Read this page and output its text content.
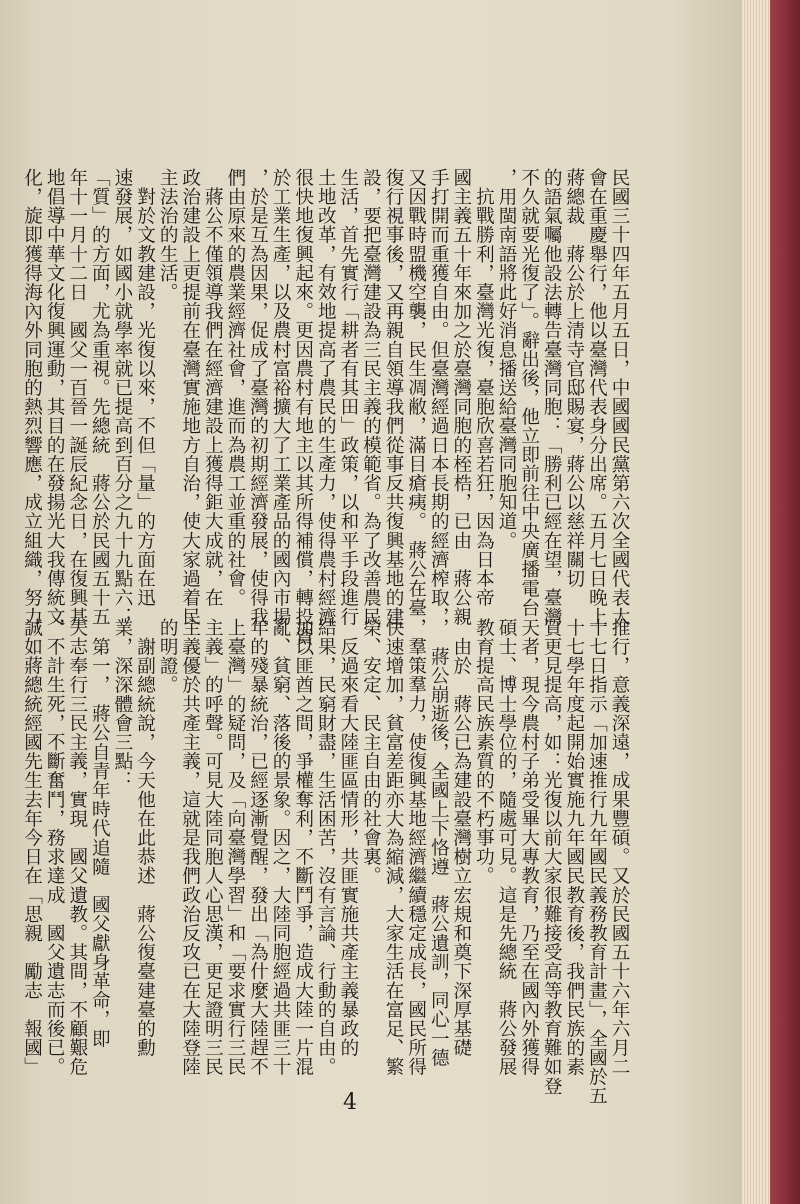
民國三十四年五月五日，中國國民黨第六次全國代表大
會在重慶舉行，他以臺灣代表身分出席。五月七日晚上
蔣總裁　蔣公於上清寺官邸賜宴，蔣公以慈祥關切
的語氣囑他設法轉告臺灣同胞：「勝利已經在望，臺灣
不久就要光復了」。辭出後，他立即前往中央廣播電台
，用閩南語將此好消息播送給臺灣同胞知道。
　抗戰勝利，臺灣光復，臺胞欣喜若狂，因為日本帝
國主義五十年來加之於臺灣同胞的桎梏，已由　蔣公親
手打開而重獲自由。但臺灣經過日本長期的經濟榨取，
又因戰時盟機空襲，民生凋敝，滿目瘡痍。　蔣公在臺
復行視事後，又再親自領導我們從事反共復興基地的建
設，要把臺灣建設為三民主義的模範省。為了改善農民
生活，首先實行「耕者有其田」政策，以和平手段進行
土地改革，有效地提高了農民的生產力，使得農村經濟
很快地復興起來。更因農村有地主以其所得補償，轉投資
於工業生產，以及農村富裕擴大了工業產品的國內市場
，於是互為因果，促成了臺灣的初期經濟發展，使得我
們由原來的農業經濟社會，進而為農工並重的社會。
　蔣公不僅領導我們在經濟建設上獲得鉅大成就，在
政治建設上更提前在臺灣實施地方自治，使大家過着民
主法治的生活。
　對於文教建設，光復以來，不但「量」的方面在迅
速發展，如國小就學率就已提高到百分之九十九點六；
「質」的方面，尤為重視。先總統　蔣公於民國五十五
年十一月十二日　國父一百晉一誕辰紀念日，在復興基
地倡導中華文化復興運動，其目的在發揚光大我傳統文
化，旋即獲得海內外同胞的熱烈響應，成立組織，努力
推行，意義深遠，成果豐碩。又於民國五十六年六月二
十七日指示「加速推行九年國民義務教育計畫」，全國於五
十七學年度起開始實施九年國民教育後，我們民族的素
質更見提高，如：光復以前大家很難接受高等教育難如登
天者，現今農村子弟受畢大專教育，乃至在國內外獲得
碩士、博士學位的，隨處可見。這是先總統　蔣公發展
教育提高民族素質的不朽事功。
　由於　蔣公已為建設臺灣樹立宏規和奠下深厚基礎
，　蔣公崩逝後，全國上下恪遵　蔣公遺訓，同心一德
，羣策羣力，使復興基地經濟繼續穩定成長，國民所得
快速增加，貧富差距亦大為縮減，大家生活在富足、繁
榮、安定、民主自由的社會裏。
　反過來看大陸匪區情形，共匪實施共產主義暴政的
結果，民窮財盡，生活困苦，沒有言論、行動的自由。
加以匪酋之間，爭權奪利，不斷鬥爭，造成大陸一片混
亂、貧窮、落後的景象。因之，大陸同胞經過共匪三十
年的殘暴統治，已經逐漸覺醒，發出「為什麼大陸趕不
上臺灣」的疑問，及「向臺灣學習」和「要求實行三民
主義」的呼聲。可見大陸同胞人心思漢，更足證明三民
主義優於共產主義，這就是我們政治反攻已在大陸登陸
的明證。
　謝副總統說，今天他在此恭述　蔣公復臺建臺的勳
業，深深體會三點：
　第一，　蔣公自青年時代追隨　國父獻身革命，即
矢志奉行三民主義，實現　國父遺教。其間，不顧艱危
，不計生死，不斷奮鬥，務求達成　國父遺志而後已。
誠如蔣總統經國先生去年今日在「思親　勵志　報國」
4
